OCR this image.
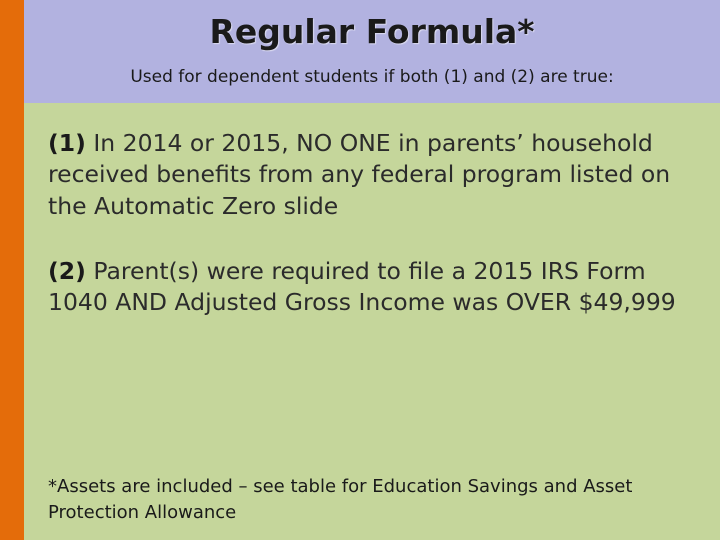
Regular Formula*
Used for dependent students if both (1) and (2) are true:
(1) In 2014 or 2015, NO ONE in parents’ household received benefits from any federal program listed on the Automatic Zero slide
(2) Parent(s) were required to file a 2015 IRS Form 1040 AND Adjusted Gross Income was OVER $49,999
*Assets are included – see table for Education Savings and Asset Protection Allowance
